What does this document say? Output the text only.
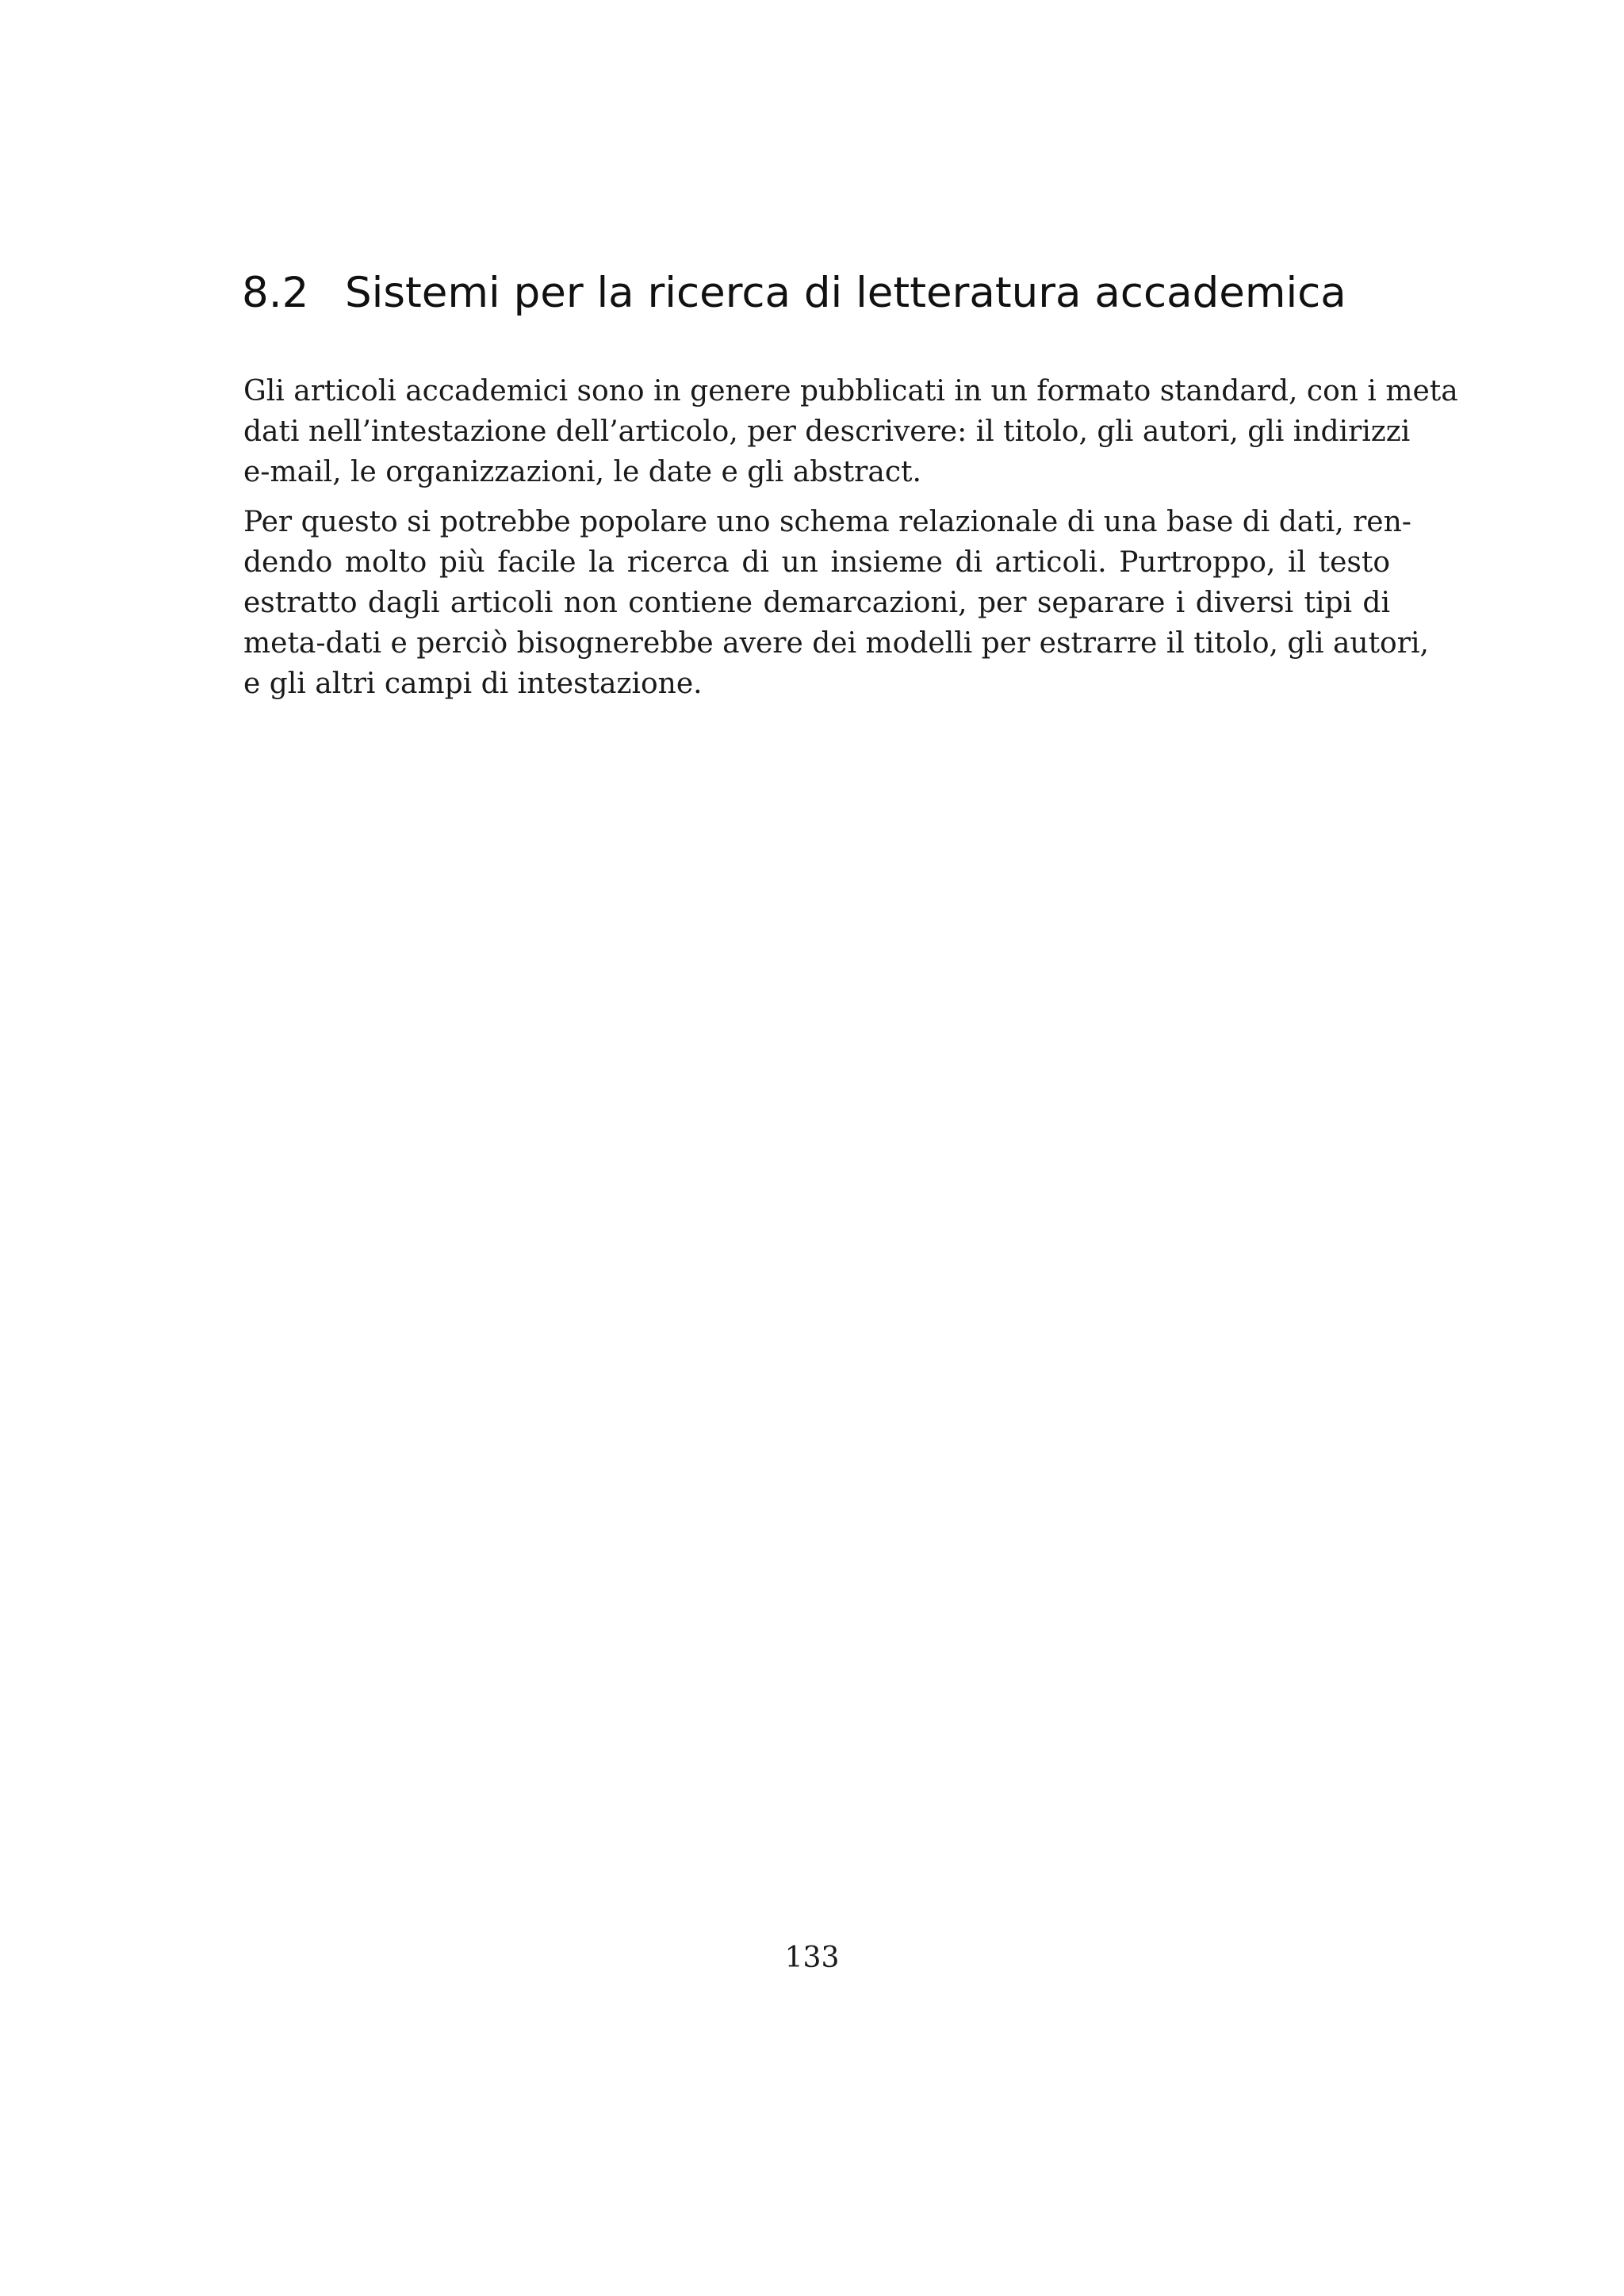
8.2 Sistemi per la ricerca di letteratura accademica

Gli articoli accademici sono in genere pubblicati in un formato standard, con i meta
dati nell’intestazione dell’articolo, per descrivere: il titolo, gli autori, gli indirizzi
e-mail, le organizzazioni, le date e gli abstract.

Per questo si potrebbe popolare uno schema relazionale di una base di dati, ren-
dendo molto più facile la ricerca di un insieme di articoli. Purtroppo, il testo
estratto dagli articoli non contiene demarcazioni, per separare i diversi tipi di
meta-dati e perciò bisognerebbe avere dei modelli per estrarre il titolo, gli autori,
e gli altri campi di intestazione.

133
